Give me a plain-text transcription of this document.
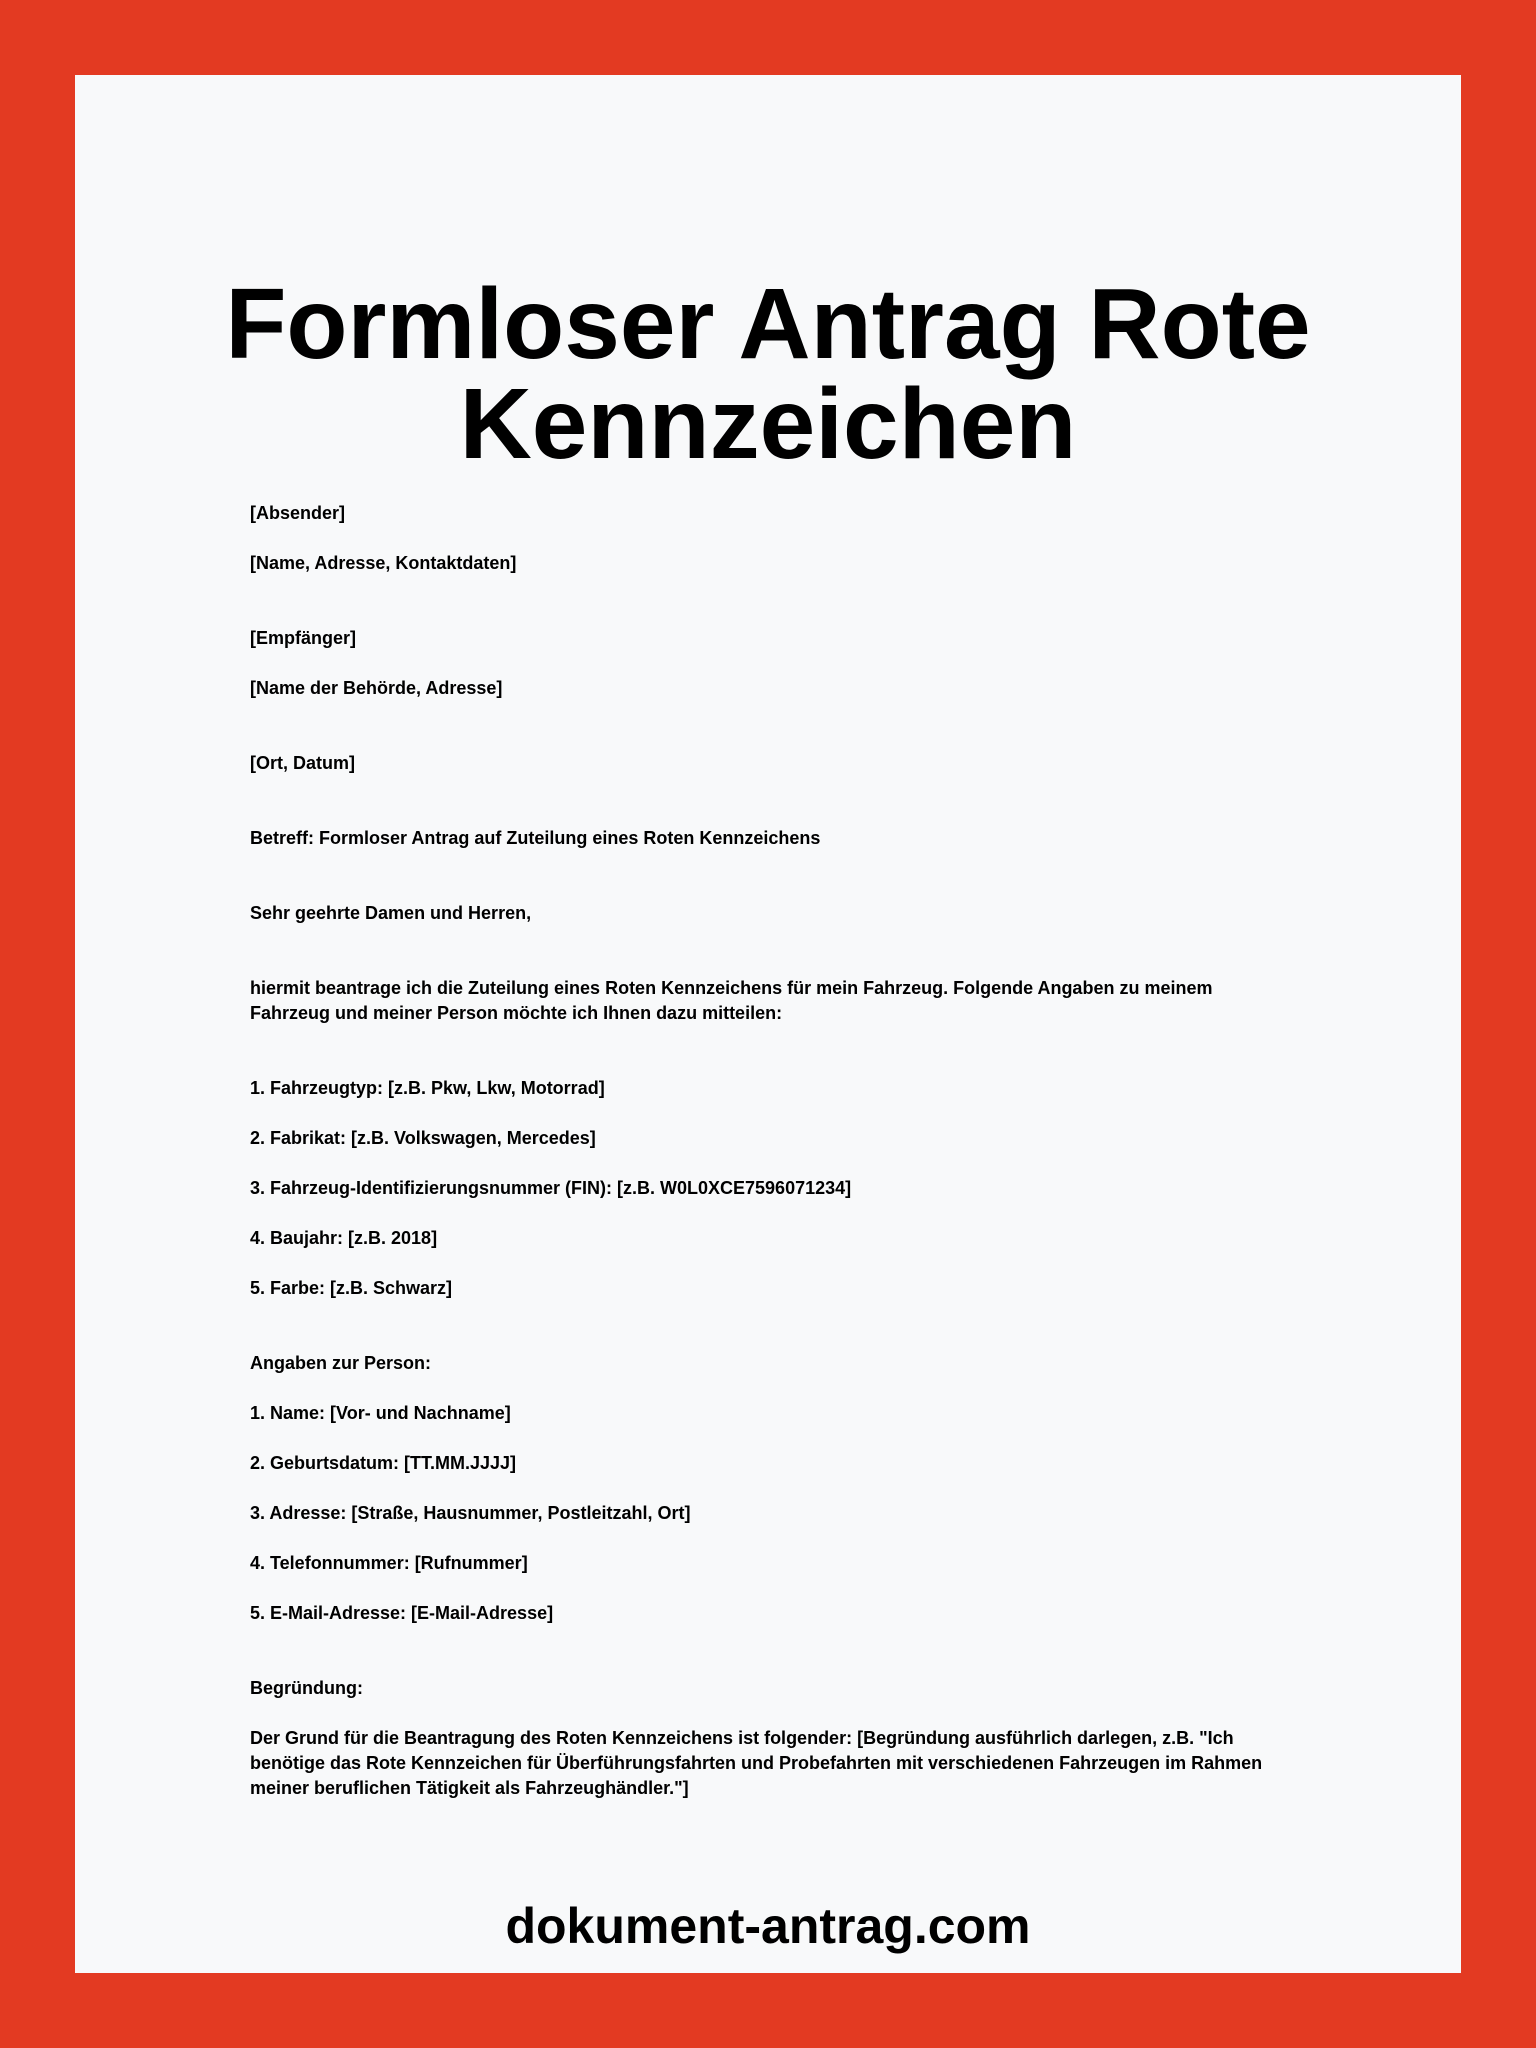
Formloser Antrag Rote
Kennzeichen

[Absender]

[Name, Adresse, Kontaktdaten]

[Empfänger]

[Name der Behörde, Adresse]

[Ort, Datum]

Betreff: Formloser Antrag auf Zuteilung eines Roten Kennzeichens

Sehr geehrte Damen und Herren,

hiermit beantrage ich die Zuteilung eines Roten Kennzeichens für mein Fahrzeug. Folgende Angaben zu meinem Fahrzeug und meiner Person möchte ich Ihnen dazu mitteilen:

1. Fahrzeugtyp: [z.B. Pkw, Lkw, Motorrad]

2. Fabrikat: [z.B. Volkswagen, Mercedes]

3. Fahrzeug-Identifizierungsnummer (FIN): [z.B. W0L0XCE7596071234]

4. Baujahr: [z.B. 2018]

5. Farbe: [z.B. Schwarz]

Angaben zur Person:

1. Name: [Vor- und Nachname]

2. Geburtsdatum: [TT.MM.JJJJ]

3. Adresse: [Straße, Hausnummer, Postleitzahl, Ort]

4. Telefonnummer: [Rufnummer]

5. E-Mail-Adresse: [E-Mail-Adresse]

Begründung:

Der Grund für die Beantragung des Roten Kennzeichens ist folgender: [Begründung ausführlich darlegen, z.B. "Ich benötige das Rote Kennzeichen für Überführungsfahrten und Probefahrten mit verschiedenen Fahrzeugen im Rahmen meiner beruflichen Tätigkeit als Fahrzeughändler."]

dokument-antrag.com
